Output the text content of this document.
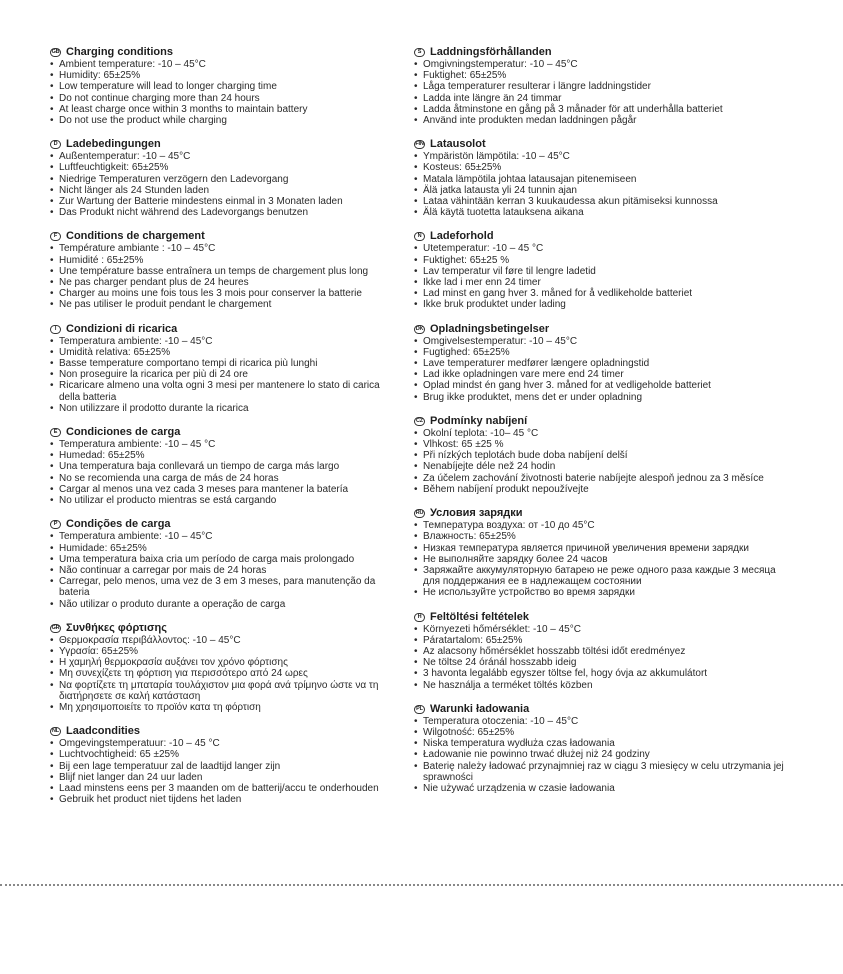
GB Charging conditions
• Ambient temperature: -10 – 45°C
• Humidity: 65±25%
• Low temperature will lead to longer charging time
• Do not continue charging more than 24 hours
• At least charge once within 3 months to maintain battery
• Do not use the product while charging
D Ladebedingungen
• Außentemperatur: -10 – 45°C
• Luftfeuchtigkeit: 65±25%
• Niedrige Temperaturen verzögern den Ladevorgang
• Nicht länger als 24 Stunden laden
• Zur Wartung der Batterie mindestens einmal in 3 Monaten laden
• Das Produkt nicht während des Ladevorgangs benutzen
F Conditions de chargement
• Température ambiante : -10 – 45°C
• Humidité : 65±25%
• Une température basse entraînera un temps de chargement plus long
• Ne pas charger pendant plus de 24 heures
• Charger au moins une fois tous les 3 mois pour conserver la batterie
• Ne pas utiliser le produit pendant le chargement
I Condizioni di ricarica
• Temperatura ambiente: -10 – 45°C
• Umidità relativa: 65±25%
• Basse temperature comportano tempi di ricarica più lunghi
• Non proseguire la ricarica per più di 24 ore
• Ricaricare almeno una volta ogni 3 mesi per mantenere lo stato di carica della batteria
• Non utilizzare il prodotto durante la ricarica
E Condiciones de carga
• Temperatura ambiente: -10 – 45 °C
• Humedad: 65±25%
• Una temperatura baja conllevará un tiempo de carga más largo
• No se recomienda una carga de más de 24 horas
• Cargar al menos una vez cada 3 meses para mantener la batería
• No utilizar el producto mientras se está cargando
P Condições de carga
• Temperatura ambiente: -10 – 45°C
• Humidade: 65±25%
• Uma temperatura baixa cria um período de carga mais prolongado
• Não continuar a carregar por mais de 24 horas
• Carregar, pelo menos, uma vez de 3 em 3 meses, para manutenção da bateria
• Não utilizar o produto durante a operação de carga
GR Συνθήκες φόρτισης
• Θερμοκρασία περιβάλλοντος: -10 – 45°C
• Υγρασία: 65±25%
• Η χαμηλή θερμοκρασία αυξάνει τον χρόνο φόρτισης
• Μη συνεχίζετε τη φόρτιση για περισσότερο από 24 ωρες
• Να φορτίζετε τη μπαταρία τουλάχιστον μια φορά ανά τρίμηνο ώστε να τη διατήρησετε σε καλή κατάσταση
• Μη χρησιμοποιείτε το προϊόν κατα τη φόρτιση
NL Laadcondities
• Omgevingstemperatuur: -10 – 45 °C
• Luchtvochtigheid: 65 ±25%
• Bij een lage temperatuur zal de laadtijd langer zijn
• Blijf niet langer dan 24 uur laden
• Laad minstens eens per 3 maanden om de batterij/accu te onderhouden
• Gebruik het product niet tijdens het laden
S Laddningsförhållanden
• Omgivningstemperatur: -10 – 45°C
• Fuktighet: 65±25%
• Låga temperaturer resulterar i längre laddningstider
• Ladda inte längre än 24 timmar
• Ladda åtminstone en gång på 3 månader för att underhålla batteriet
• Använd inte produkten medan laddningen pågår
FIN Latausolot
• Ympäristön lämpötila: -10 – 45°C
• Kosteus: 65±25%
• Matala lämpötila johtaa latausajan pitenemiseen
• Älä jatka latausta yli 24 tunnin ajan
• Lataa vähintään kerran 3 kuukaudessa akun pitämiseksi kunnossa
• Älä käytä tuotetta latauksena aikana
N Ladeforhold
• Utetemperatur: -10 – 45 °C
• Fuktighet: 65±25 %
• Lav temperatur vil føre til lengre ladetid
• Ikke lad i mer enn 24 timer
• Lad minst en gang hver 3. måned for å vedlikeholde batteriet
• Ikke bruk produktet under lading
DK Opladningsbetingelser
• Omgivelsestemperatur: -10 – 45°C
• Fugtighed: 65±25%
• Lave temperaturer medfører længere opladningstid
• Lad ikke opladningen vare mere end 24 timer
• Oplad mindst én gang hver 3. måned for at vedligeholde batteriet
• Brug ikke produktet, mens det er under opladning
CZ Podmínky nabíjení
• Okolní teplota: -10– 45 °C
• Vlhkost: 65 ±25 %
• Při nízkých teplotách bude doba nabíjení delší
• Nenabíjejte déle než 24 hodin
• Za účelem zachování životnosti baterie nabíjejte alespoň jednou za 3 měsíce
• Během nabíjení produkt nepoužívejte
RU Условия зарядки
• Температура воздуха: от -10 до 45°C
• Влажность: 65±25%
• Низкая температура является причиной увеличения времени зарядки
• Не выполняйте зарядку более 24 часов
• Заряжайте аккумуляторную батарею не реже одного раза каждые 3 месяца для поддержания ее в надлежащем состоянии
• Не используйте устройство во время зарядки
H Feltöltési feltételek
• Környezeti hőmérséklet: -10 – 45°C
• Páratartalom: 65±25%
• Az alacsony hőmérséklet hosszabb töltési időt eredményez
• Ne töltse 24 óránál hosszabb ideig
• 3 havonta legalább egyszer töltse fel, hogy óvja az akkumulátort
• Ne használja a terméket töltés közben
PL Warunki ładowania
• Temperatura otoczenia: -10 – 45°C
• Wilgotność: 65±25%
• Niska temperatura wydłuża czas ładowania
• Ładowanie nie powinno trwać dłużej niż 24 godziny
• Baterię należy ładować przynajmniej raz w ciągu 3 miesięcy w celu utrzymania jej sprawności
• Nie używać urządzenia w czasie ładowania
